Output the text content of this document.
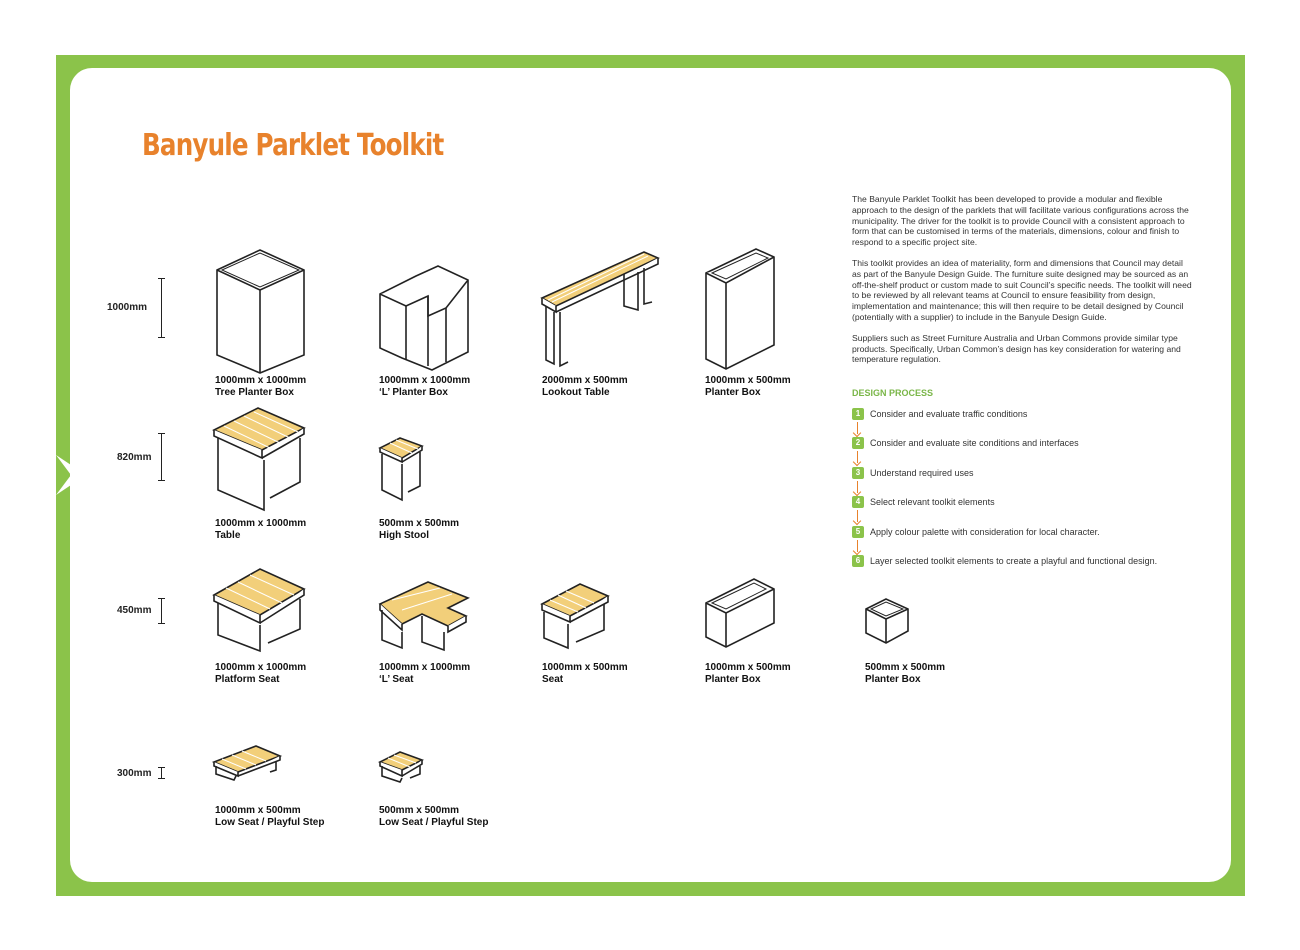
Banyule Parklet Toolkit
1000mm
820mm
450mm
300mm
1000mm x 1000mm
Tree Planter Box
1000mm x 1000mm
‘L’ Planter Box
2000mm x 500mm
Lookout Table
1000mm x 500mm
Planter Box
1000mm x 1000mm
Table
500mm x 500mm
High Stool
1000mm x 1000mm
Platform Seat
1000mm x 1000mm
‘L’ Seat
1000mm x 500mm
Seat
1000mm x 500mm
Planter Box
500mm x 500mm
Planter Box
1000mm x 500mm
Low Seat / Playful Step
500mm x 500mm
Low Seat / Playful Step

The Banyule Parklet Toolkit has been developed to provide a modular and flexible approach to the design of the parklets that will facilitate various configurations across the municipality. The driver for the toolkit is to provide Council with a consistent approach to form that can be customised in terms of the materials, dimensions, colour and finish to respond to a specific project site.

This toolkit provides an idea of materiality, form and dimensions that Council may detail as part of the Banyule Design Guide. The furniture suite designed may be sourced as an off-the-shelf product or custom made to suit Council’s specific needs. The toolkit will need to be reviewed by all relevant teams at Council to ensure feasibility from design, implementation and maintenance; this will then require to be detail designed by Council (potentially with a supplier) to include in the Banyule Design Guide.

Suppliers such as Street Furniture Australia and Urban Commons provide similar type products. Specifically, Urban Common’s design has key consideration for watering and temperature regulation.

DESIGN PROCESS
1	Consider and evaluate traffic conditions
2	Consider and evaluate site conditions and interfaces
3	Understand required uses
4	Select relevant toolkit elements
5	Apply colour palette with consideration for local character.
6	Layer selected toolkit elements to create a playful and functional design.
